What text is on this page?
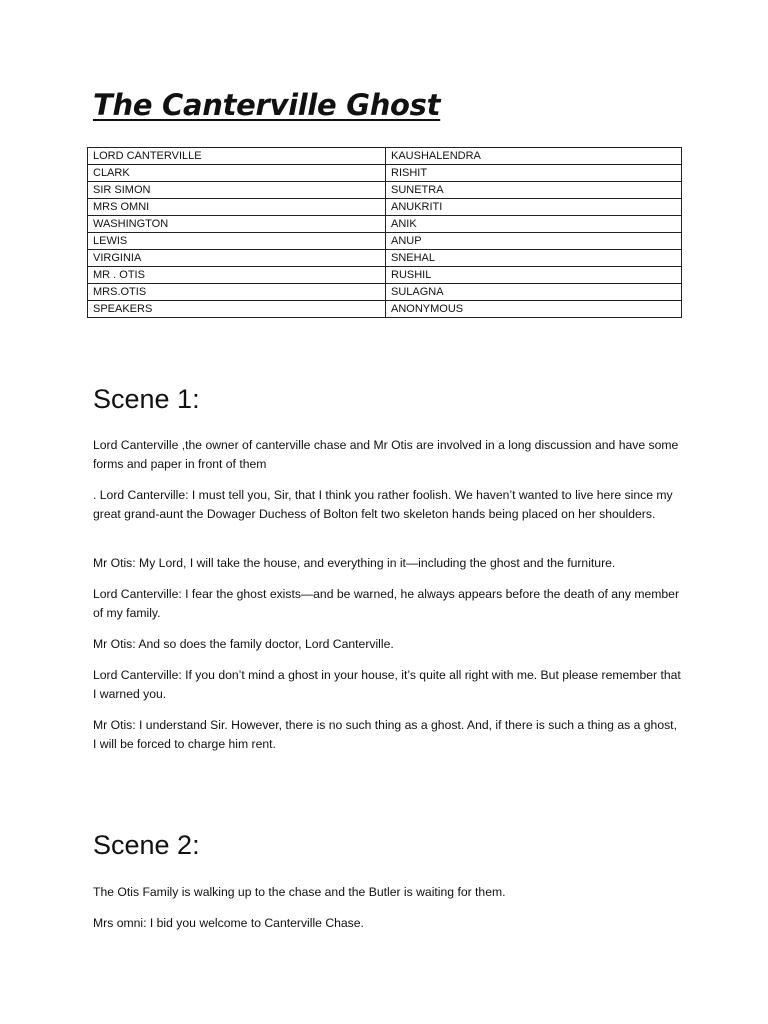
The Canterville Ghost
LORD CANTERVILLE	KAUSHALENDRA
CLARK	RISHIT
SIR SIMON	SUNETRA
MRS OMNI	ANUKRITI
WASHINGTON	ANIK
LEWIS	ANUP
VIRGINIA	SNEHAL
MR . OTIS	RUSHIL
MRS.OTIS	SULAGNA
SPEAKERS	ANONYMOUS
Scene 1:

Lord Canterville ,the owner of canterville chase and Mr Otis are involved in a long discussion and have some forms and paper in front of them

. Lord Canterville: I must tell you, Sir, that I think you rather foolish. We haven’t wanted to live here since my great grand-aunt the Dowager Duchess of Bolton felt two skeleton hands being placed on her shoulders.

Mr Otis: My Lord, I will take the house, and everything in it—including the ghost and the furniture.

Lord Canterville: I fear the ghost exists—and be warned, he always appears before the death of any member of my family.

Mr Otis: And so does the family doctor, Lord Canterville.

Lord Canterville: If you don’t mind a ghost in your house, it’s quite all right with me. But please remember that I warned you.

Mr Otis: I understand Sir. However, there is no such thing as a ghost. And, if there is such a thing as a ghost, I will be forced to charge him rent.

Scene 2:

The Otis Family is walking up to the chase and the Butler is waiting for them.

Mrs omni: I bid you welcome to Canterville Chase.
